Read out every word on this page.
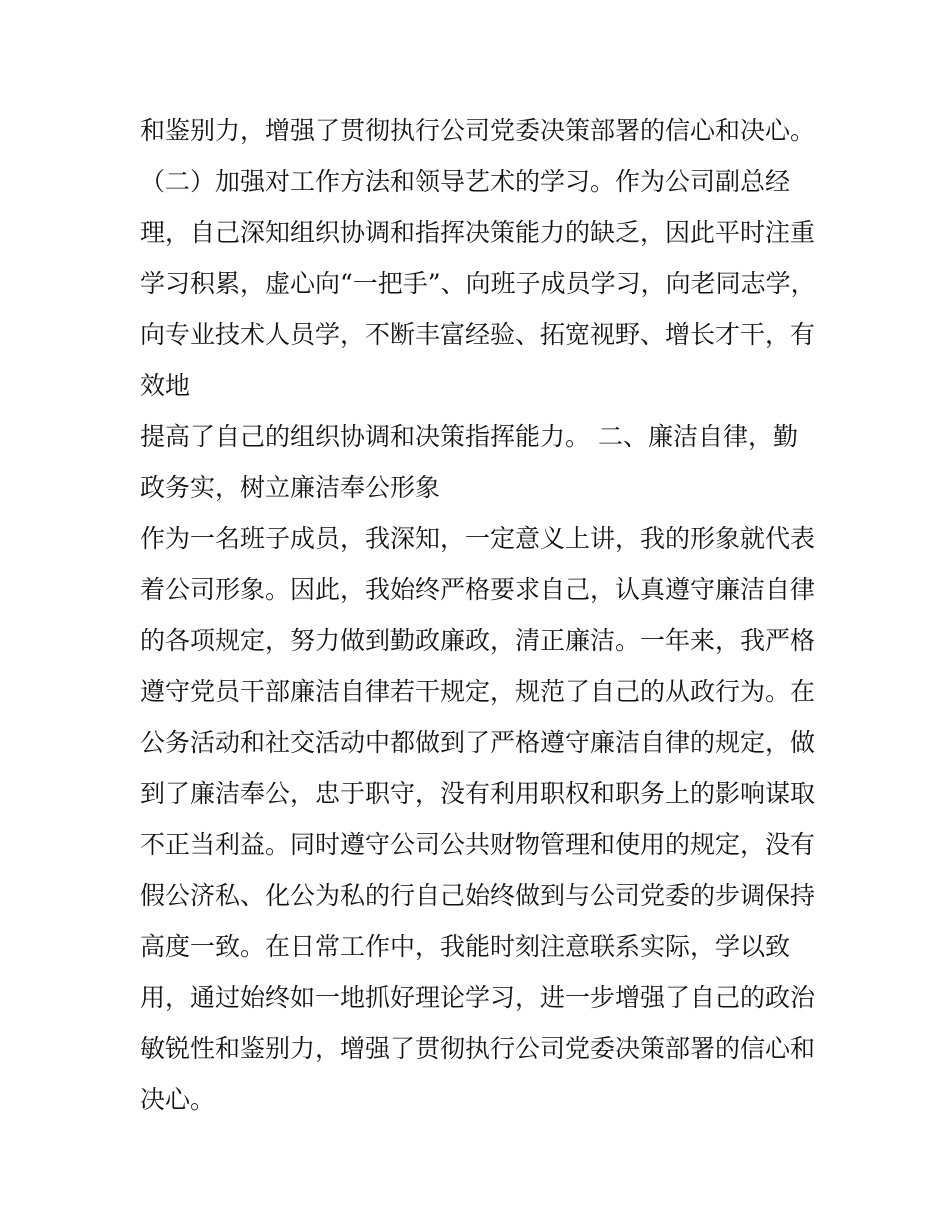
和鉴别力，增强了贯彻执行公司党委决策部署的信心和决心。
（二）加强对工作方法和领导艺术的学习。作为公司副总经
理，自己深知组织协调和指挥决策能力的缺乏，因此平时注重
学习积累，虚心向“一把手”、向班子成员学习，向老同志学，
向专业技术人员学，不断丰富经验、拓宽视野、增长才干，有
效地
提高了自己的组织协调和决策指挥能力。 二、廉洁自律，勤
政务实，树立廉洁奉公形象
作为一名班子成员，我深知，一定意义上讲，我的形象就代表
着公司形象。因此，我始终严格要求自己，认真遵守廉洁自律
的各项规定，努力做到勤政廉政，清正廉洁。一年来，我严格
遵守党员干部廉洁自律若干规定，规范了自己的从政行为。在
公务活动和社交活动中都做到了严格遵守廉洁自律的规定，做
到了廉洁奉公，忠于职守，没有利用职权和职务上的影响谋取
不正当利益。同时遵守公司公共财物管理和使用的规定，没有
假公济私、化公为私的行自己始终做到与公司党委的步调保持
高度一致。在日常工作中，我能时刻注意联系实际，学以致
用，通过始终如一地抓好理论学习，进一步增强了自己的政治
敏锐性和鉴别力，增强了贯彻执行公司党委决策部署的信心和
决心。
